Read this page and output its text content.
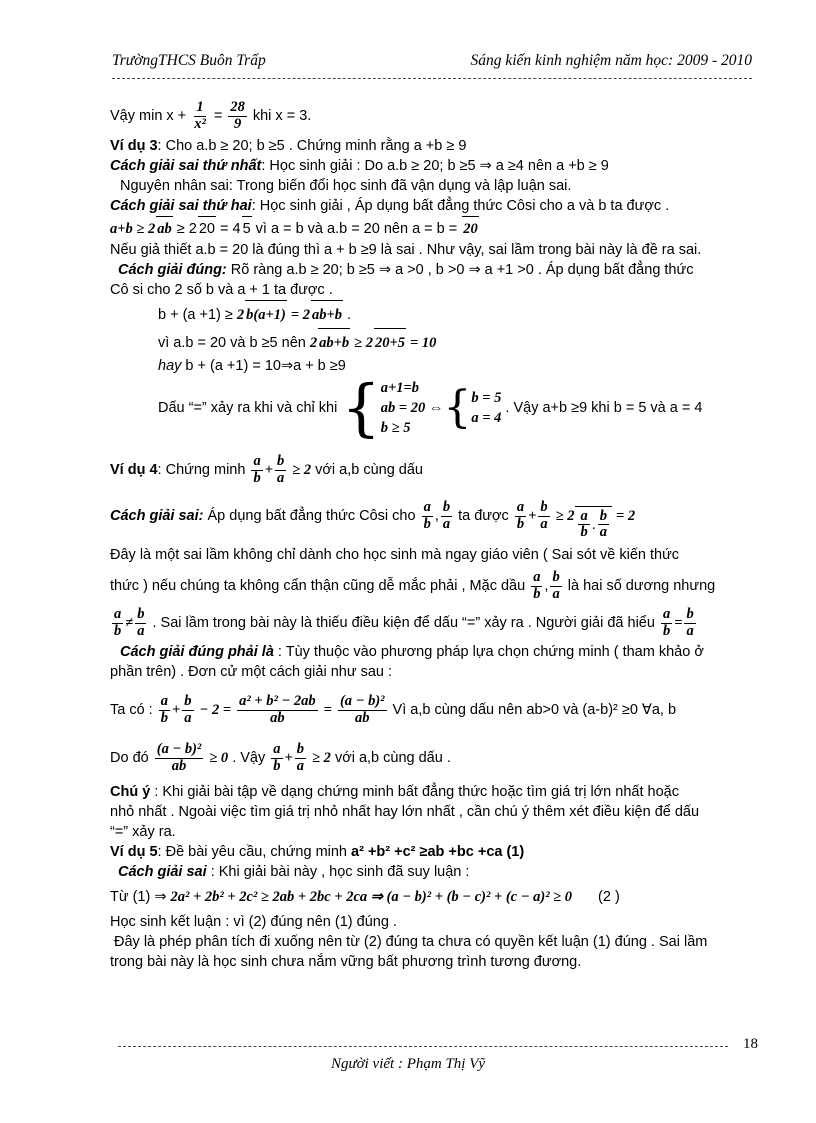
TrườngTHCS Buôn Trấp	Sáng kiến kinh nghiệm năm học: 2009 - 2010
Vậy $\min x + \frac{1}{\text{x²}} = \frac{28}{9}$ khi x = 3.
Ví dụ 3: Cho a.b ≥ 20; b ≥5 . Chứng minh rằng a +b ≥ 9
Cách giải sai thứ nhất: Học sinh giải : Do a.b ≥ 20; b ≥5 ⇒ a ≥4 nên a +b ≥ 9
Nguyên nhân sai: Trong biến đổi học sinh đã vận dụng và lập luận sai.
Cách giải sai thứ hai: Học sinh giải , Áp dụng bất đẳng thức Côsi cho a và b ta được .
a+b ≥ 2 ab ≥ 2 20 = 4 5 vì a = b và a.b = 20 nên a = b = 20
Nếu giả thiết a.b = 20 là đúng thì a + b ≥9 là sai . Như vậy, sai lầm trong bài này là đề ra sai.
Cách giải đúng: Rõ ràng a.b ≥ 20; b ≥5 ⇒ a >0 , b >0 ⇒ a +1 >0 . Áp dụng bất đẳng thức
Cô si cho 2 số b và a + 1 ta được .
b + (a +1) ≥ 2 b(a+1) = 2 ab+b .
vì a.b = 20 và b ≥5 nên 2 ab+b ≥ 2 20+5 = 10
hay b + (a +1) = 10⇒a + b ≥9
Dấu “=” xảy ra khi và chỉ khi { a+1=b
ab = 20 ⇔
b ≥ 5 { b = 5
a = 4
. Vậy a+b ≥9 khi b = 5 và a = 4
Ví dụ 4: Chứng minh $\frac{a}{b} + \frac{b}{a} \ge 2$ với a,b cùng dấu
Cách giải sai: Áp dụng bất đẳng thức Côsi cho $\frac{a}{b}$ , $\frac{b}{a}$ ta được $\frac{a}{b} + \frac{b}{a} \ge 2 \frac{a}{b}$ . $\frac{b}{a} = 2$
Đây là một sai lầm không chỉ dành cho học sinh mà ngay giáo viên ( Sai sót về kiến thức
thức ) nếu chúng ta không cẩn thận cũng dễ mắc phải , Mặc dầu $\frac{a}{b}$ , $\frac{b}{a}$ là hai số dương nhưng
$\frac{a}{b} \ne \frac{b}{a}$ . Sai lầm trong bài này là thiếu điều kiện để dấu “=” xảy ra . Người giải đã hiểu $\frac{a}{b} = \frac{b}{a}$
Cách giải đúng phải là : Tùy thuộc vào phương pháp lựa chọn chứng minh ( tham khảo ở
phần trên) . Đơn cử một cách giải như sau :
Ta có : $\frac{a}{b} + \frac{b}{a} - 2 = \frac{\text{a² + b² − 2ab}}{ab} = \frac{\text{(a − b)²}}{ab}$ Vì a,b cùng dấu nên ab>0 và (a-b)² ≥0 ∀a, b
Do đó $\frac{\text{(a − b)²}}{ab} \ge 0$ . Vậy $\frac{a}{b} + \frac{b}{a} \ge 2$ với a,b cùng dấu .
Chú ý : Khi giải bài tập về dạng chứng minh bất đẳng thức hoặc tìm giá trị lớn nhất hoặc
nhỏ nhất . Ngoài việc tìm giá trị nhỏ nhất hay lớn nhất , cần chú ý thêm xét điều kiện để dấu
“=” xảy ra.
Ví dụ 5: Đề bài yêu cầu, chứng minh a² +b² +c² ≥ab +bc +ca (1)
Cách giải sai : Khi giải bài này , học sinh đã suy luận :
Từ (1) ⇒ 2a² + 2b² + 2c² ≥ 2ab + 2bc + 2ca ⇒ (a − b)² + (b − c)² + (c − a)² ≥ 0 (2 )
Học sinh kết luận : vì (2) đúng nên (1) đúng .
Đây là phép phân tích đi xuống nên từ (2) đúng ta chưa có quyền kết luận (1) đúng . Sai lầm
trong bài này là học sinh chưa nắm vững bất phương trình tương đương.
18
Người viết : Phạm Thị Vỹ
